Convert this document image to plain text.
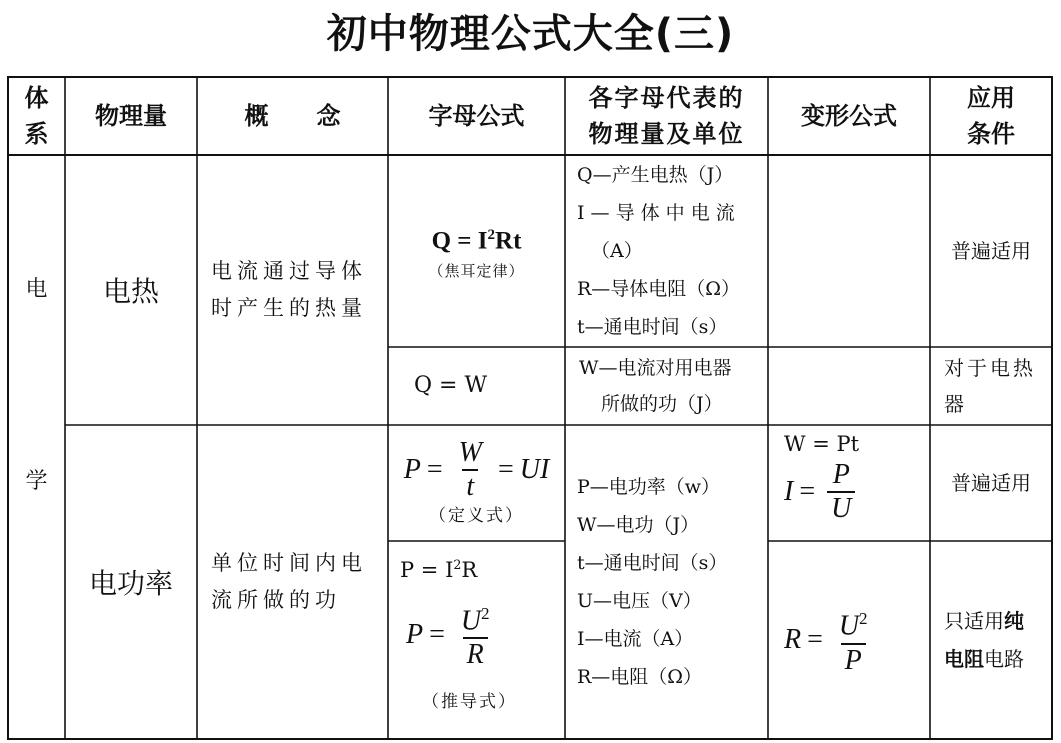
初中物理公式大全(三)
体
系
物理量	概　　念	字母公式
各字母代表的
物理量及单位
变形公式
应用
条件
电
学
电热
电流通过导体
时产生的热量
$Q = I^2Rt$
（焦耳定律）
Q—产生电热（J）
I — 导 体 中 电 流
（A）
R—导体电阻（Ω）
t—通电时间（s）
普遍适用
Q = W
W—电流对用电器
所做的功（J）
对于电热
器
电功率
单位时间内电
流所做的功
$P = \frac{W}{t}$ = UI
（定义式）
$P = I^2R$
$P = \frac{U^2}{R}$
（推导式）
P—电功率（w）
W—电功（J）
t—通电时间（s）
U—电压（V）
I—电流（A）
R—电阻（Ω）
W = Pt
$I = \frac{P}{U}$
$R = \frac{U^2}{P}$
普遍适用
只适用纯
电阻电路
